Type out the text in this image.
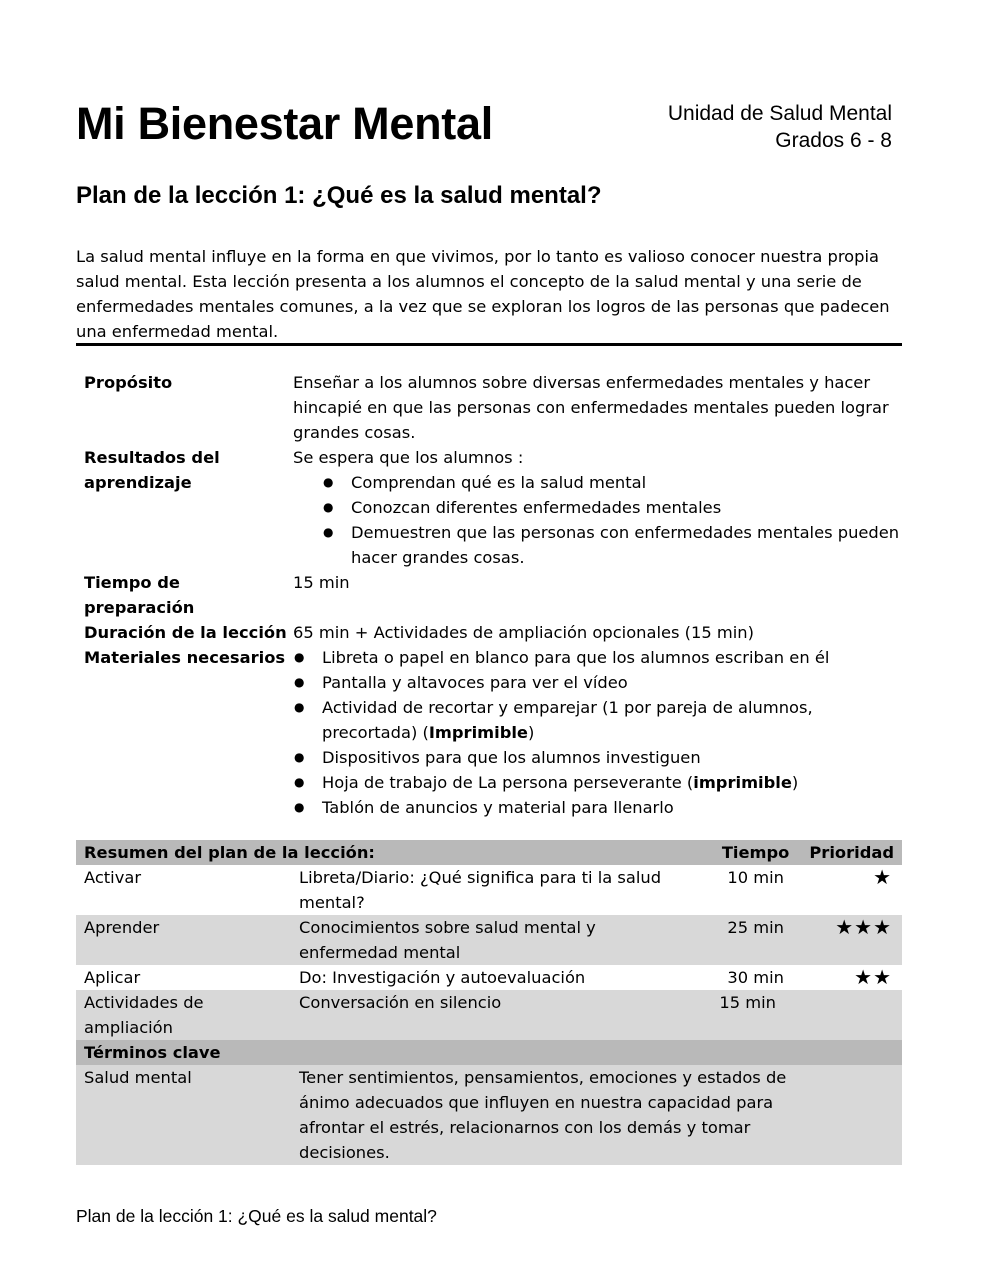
Mi Bienestar Mental	Unidad de Salud Mental
Grados 6 - 8
Plan de la lección 1: ¿Qué es la salud mental?
La salud mental influye en la forma en que vivimos, por lo tanto es valioso conocer nuestra propia salud mental. Esta lección presenta a los alumnos el concepto de la salud mental y una serie de enfermedades mentales comunes, a la vez que se exploran los logros de las personas que padecen una enfermedad mental.
Propósito	Enseñar a los alumnos sobre diversas enfermedades mentales y hacer hincapié en que las personas con enfermedades mentales pueden lograr grandes cosas.
Resultados del
aprendizaje
Se espera que los alumnos :
● Comprendan qué es la salud mental
● Conozcan diferentes enfermedades mentales
● Demuestren que las personas con enfermedades mentales pueden hacer grandes cosas.
Tiempo de
preparación
15 min
Duración de la lección 65 min + Actividades de ampliación opcionales (15 min)
Materiales necesarios
●	Libreta o papel en blanco para que los alumnos escriban en él
● Pantalla y altavoces para ver el vídeo
● Actividad de recortar y emparejar (1 por pareja de alumnos, precortada) (Imprimible)
● Dispositivos para que los alumnos investiguen
● Hoja de trabajo de La persona perseverante (imprimible)
● Tablón de anuncios y material para llenarlo
Resumen del plan de la lección:	Tiempo	Prioridad
Activar	Libreta/Diario: ¿Qué significa para ti la salud mental?
10 min	★
Aprender	Conocimientos sobre salud mental y enfermedad mental
25 min	★★★
Aplicar	Do: Investigación y autoevaluación	30 min	★★
Actividades de ampliación
Conversación en silencio	15 min
Términos clave
Salud mental	Tener sentimientos, pensamientos, emociones y estados de ánimo adecuados que influyen en nuestra capacidad para afrontar el estrés, relacionarnos con los demás y tomar decisiones.
Plan de la lección 1: ¿Qué es la salud mental?
